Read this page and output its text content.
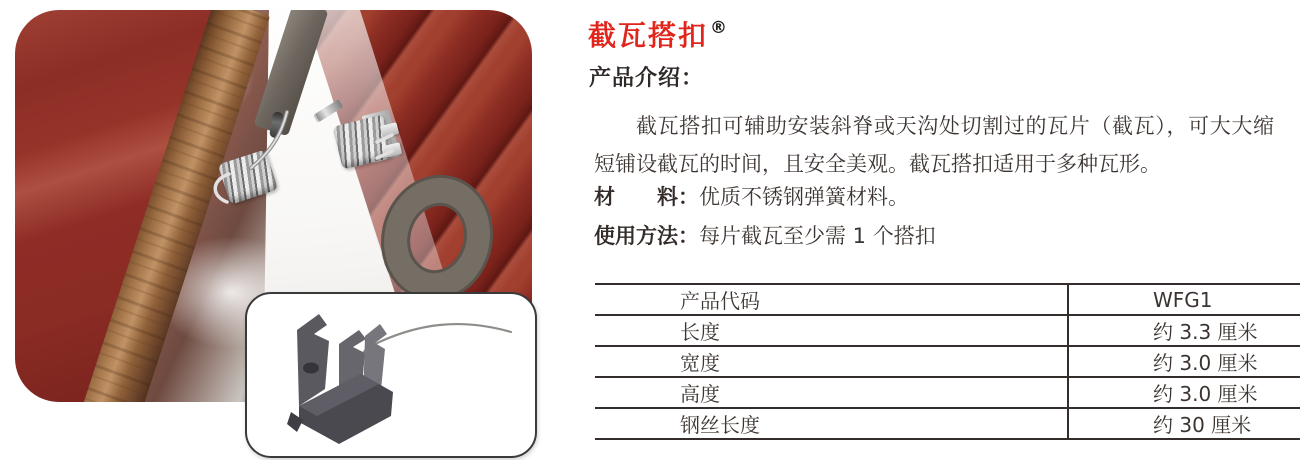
截瓦搭扣 ®
产品介绍：

截瓦搭扣可辅助安装斜脊或天沟处切割过的瓦片（截瓦），可大大缩短铺设截瓦的时间，且安全美观。截瓦搭扣适用于多种瓦形。

材　　料：优质不锈钢弹簧材料。
使用方法：每片截瓦至少需 1 个搭扣
产品代码	WFG1
长度	约 3.3 厘米
宽度	约 3.0 厘米
高度	约 3.0 厘米
钢丝长度	约 30 厘米
